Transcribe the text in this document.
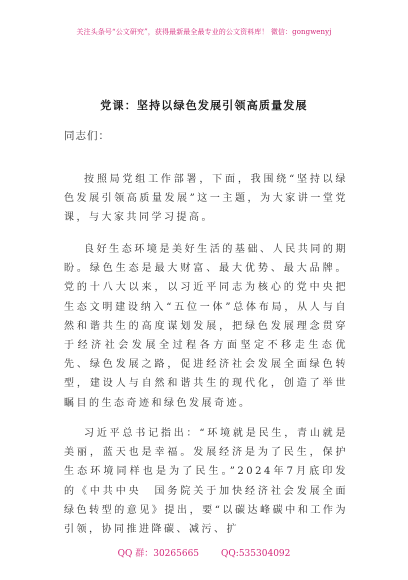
关注头条号“公文研究”，获得最新最全最专业的公文资料库！ 微信：gongwenyj
党课：坚持以绿色发展引领高质量发展
同志们：

按照局党组工作部署，下面，我围绕“坚持以绿色发展引领高质量发展”这一主题，为大家讲一堂党课，与大家共同学习提高。

良好生态环境是美好生活的基础、人民共同的期盼。绿色生态是最大财富、最大优势、最大品牌。党的十八大以来，以习近平同志为核心的党中央把生态文明建设纳入“五位一体”总体布局，从人与自然和谐共生的高度谋划发展，把绿色发展理念贯穿于经济社会发展全过程各方面坚定不移走生态优先、绿色发展之路，促进经济社会发展全面绿色转型，建设人与自然和谐共生的现代化，创造了举世瞩目的生态奇迹和绿色发展奇迹。

习近平总书记指出：“环境就是民生，青山就是美丽，蓝天也是幸福。发展经济是为了民生，保护生态环境同样也是为了民生。”2024年7月底印发的《中共中央　国务院关于加快经济社会发展全面绿色转型的意见》提出，要“以碳达峰碳中和工作为引领，协同推进降碳、减污、扩

QQ 群：30265665 QQ:535304092
